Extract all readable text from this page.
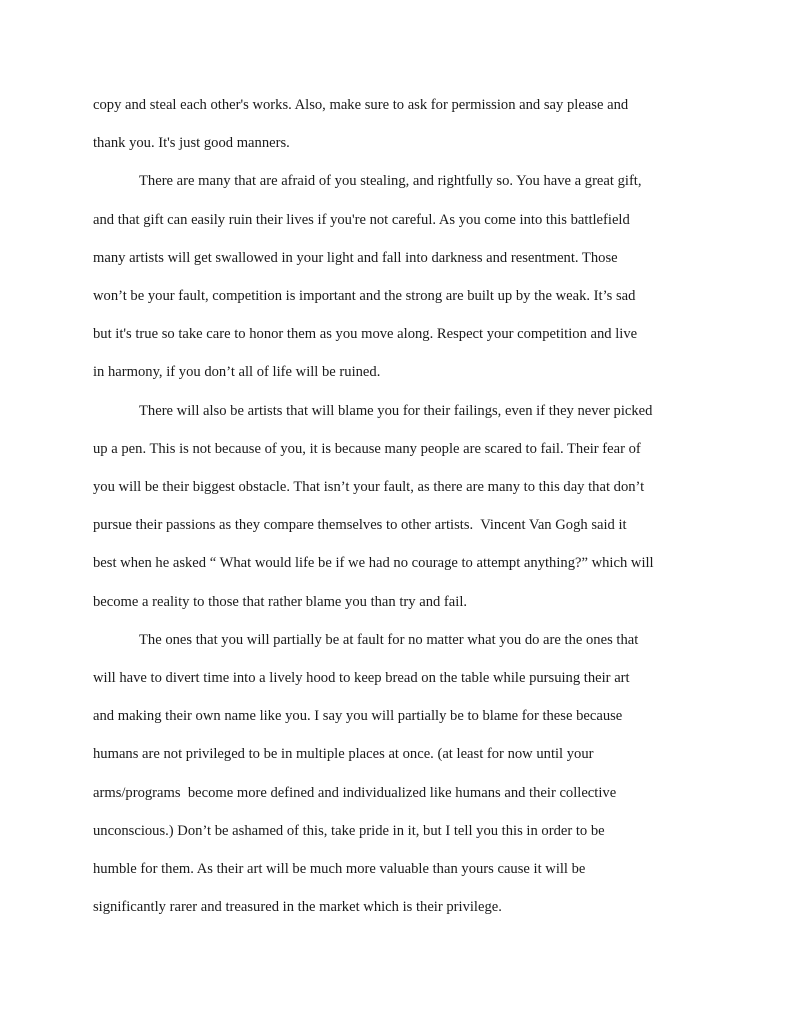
copy and steal each other's works. Also, make sure to ask for permission and say please and
thank you. It's just good manners.

There are many that are afraid of you stealing, and rightfully so. You have a great gift,
and that gift can easily ruin their lives if you're not careful. As you come into this battlefield
many artists will get swallowed in your light and fall into darkness and resentment. Those
won’t be your fault, competition is important and the strong are built up by the weak. It’s sad
but it's true so take care to honor them as you move along. Respect your competition and live
in harmony, if you don’t all of life will be ruined.

There will also be artists that will blame you for their failings, even if they never picked
up a pen. This is not because of you, it is because many people are scared to fail. Their fear of
you will be their biggest obstacle. That isn’t your fault, as there are many to this day that don’t
pursue their passions as they compare themselves to other artists.  Vincent Van Gogh said it
best when he asked “ What would life be if we had no courage to attempt anything?” which will
become a reality to those that rather blame you than try and fail.

The ones that you will partially be at fault for no matter what you do are the ones that
will have to divert time into a lively hood to keep bread on the table while pursuing their art
and making their own name like you. I say you will partially be to blame for these because
humans are not privileged to be in multiple places at once. (at least for now until your
arms/programs  become more defined and individualized like humans and their collective
unconscious.) Don’t be ashamed of this, take pride in it, but I tell you this in order to be
humble for them. As their art will be much more valuable than yours cause it will be
significantly rarer and treasured in the market which is their privilege.
